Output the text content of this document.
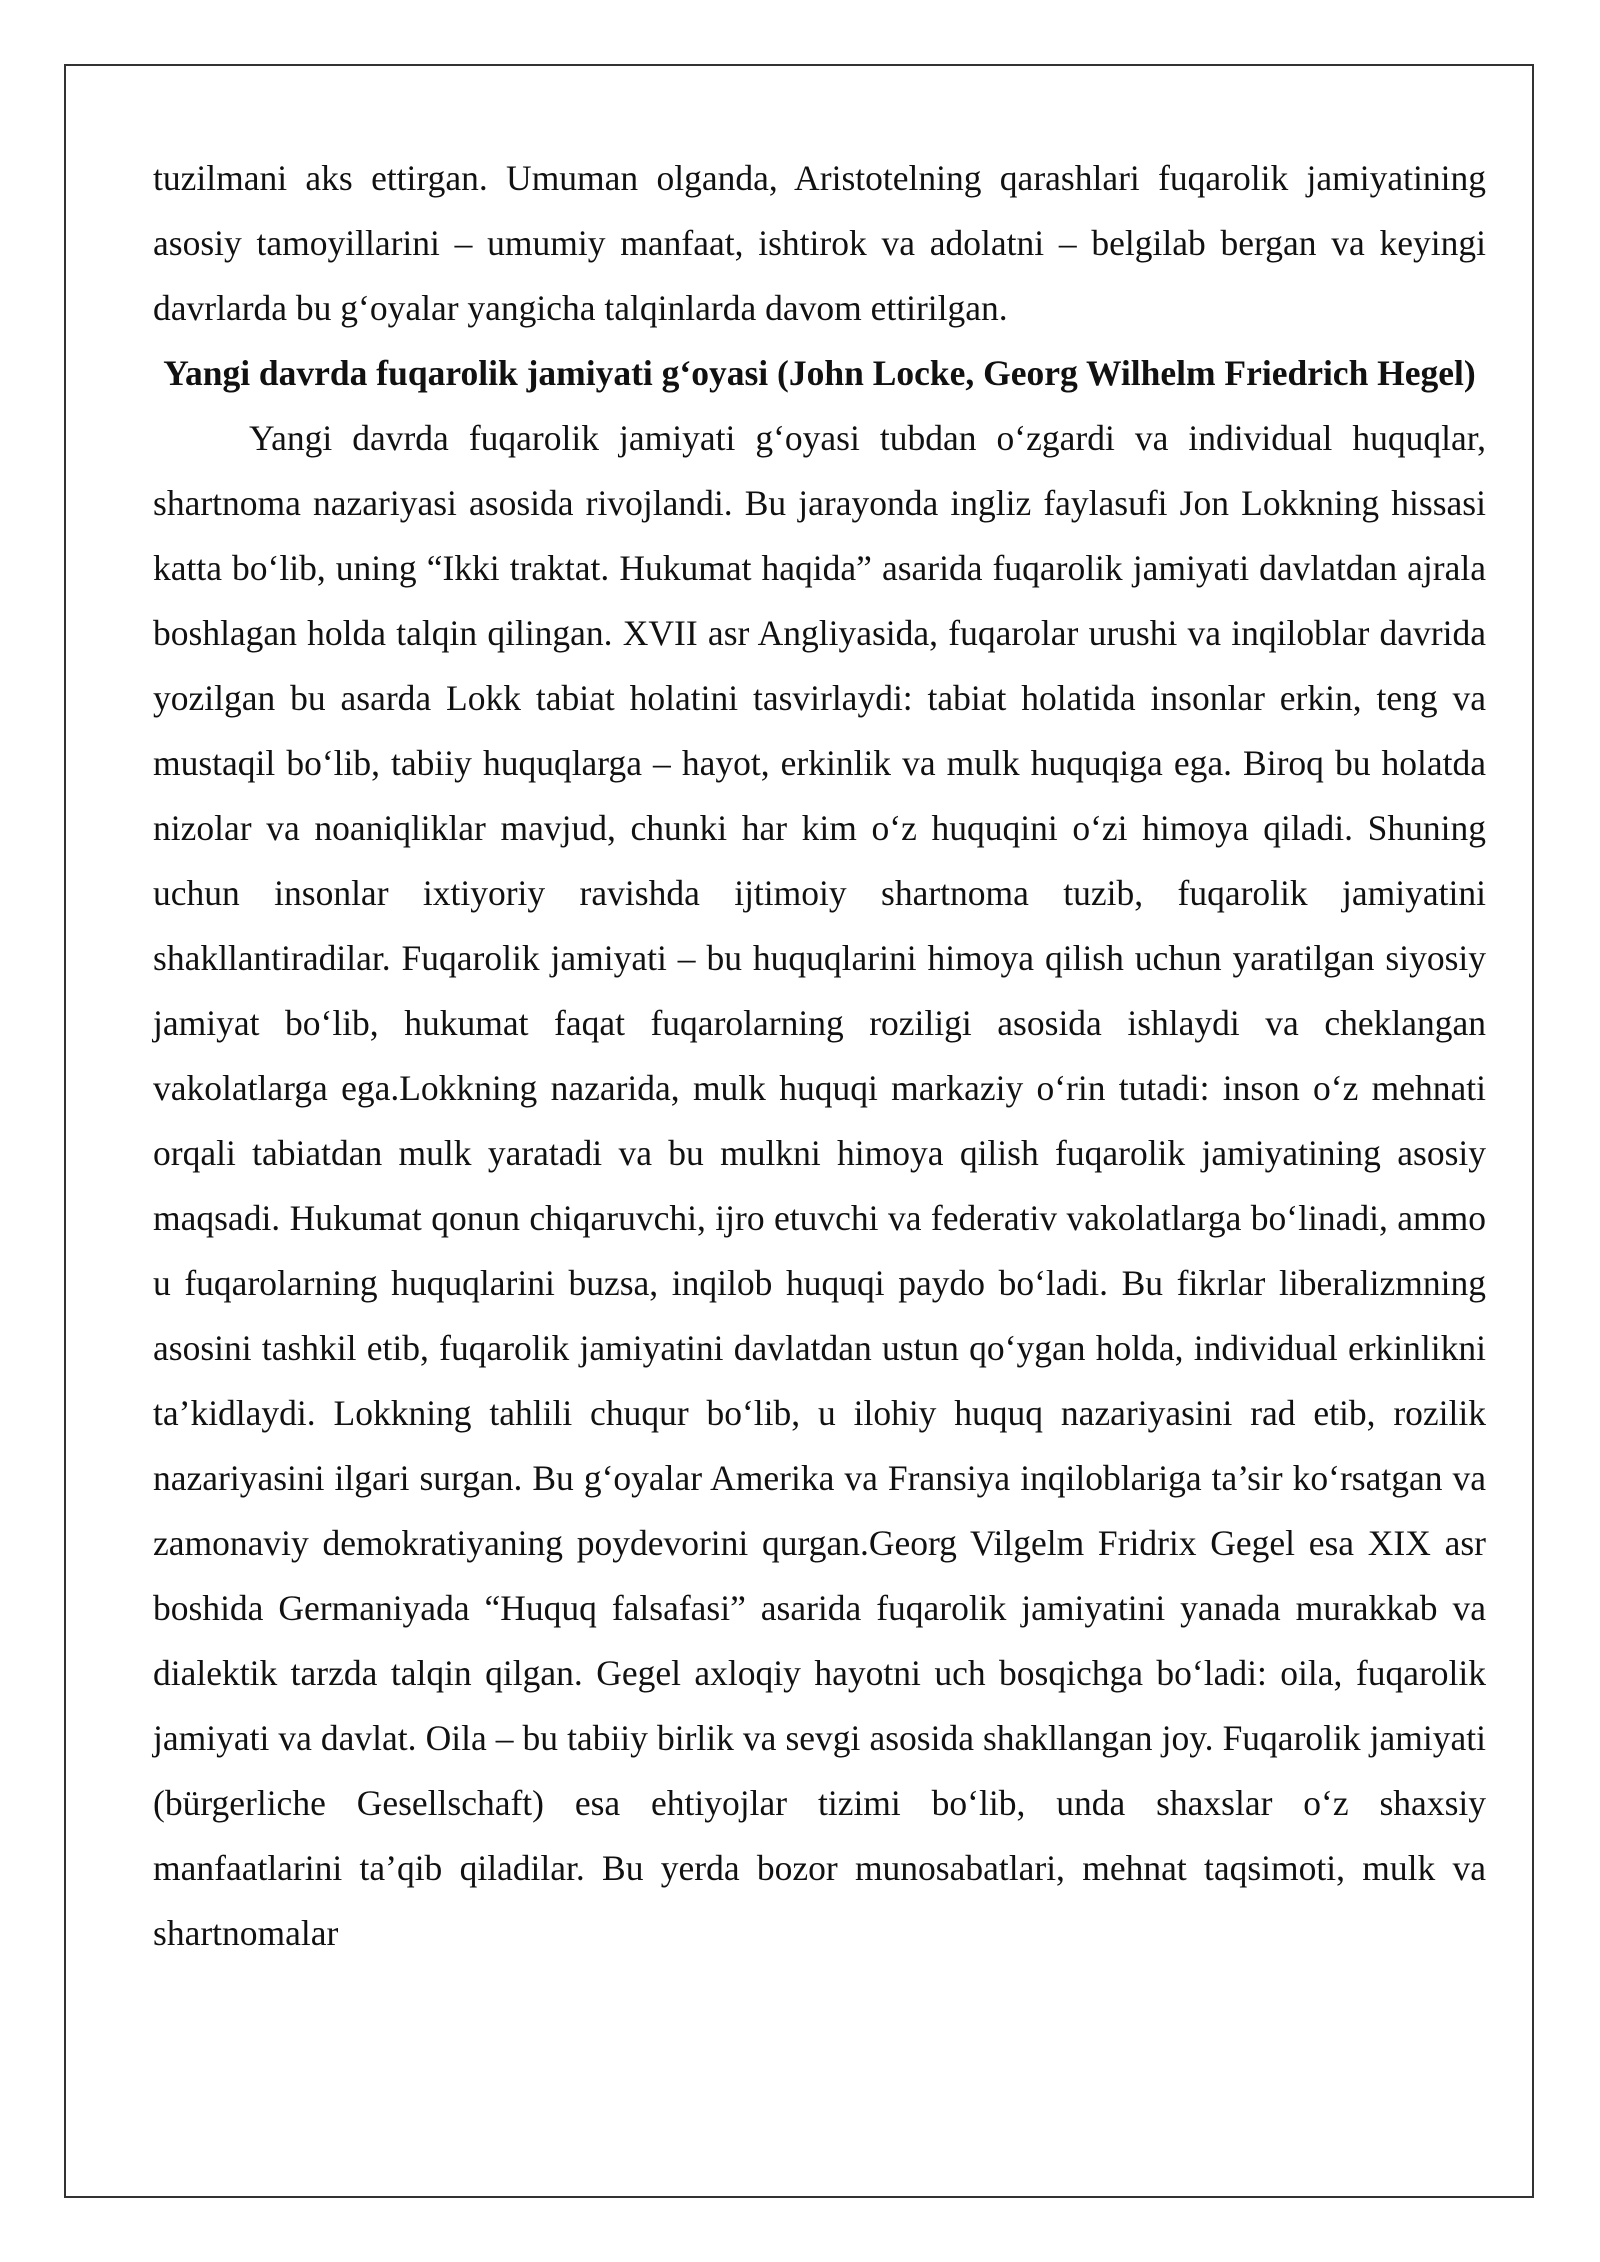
tuzilmani aks ettirgan. Umuman olganda, Aristotelning qarashlari fuqarolik jamiyatining asosiy tamoyillarini – umumiy manfaat, ishtirok va adolatni – belgilab bergan va keyingi davrlarda bu g‘oyalar yangicha talqinlarda davom ettirilgan.

Yangi davrda fuqarolik jamiyati g‘oyasi (John Locke, Georg Wilhelm Friedrich Hegel)

Yangi davrda fuqarolik jamiyati g‘oyasi tubdan o‘zgardi va individual huquqlar, shartnoma nazariyasi asosida rivojlandi. Bu jarayonda ingliz faylasufi Jon Lokkning hissasi katta bo‘lib, uning “Ikki traktat. Hukumat haqida” asarida fuqarolik jamiyati davlatdan ajrala boshlagan holda talqin qilingan. XVII asr Angliyasida, fuqarolar urushi va inqiloblar davrida yozilgan bu asarda Lokk tabiat holatini tasvirlaydi: tabiat holatida insonlar erkin, teng va mustaqil bo‘lib, tabiiy huquqlarga – hayot, erkinlik va mulk huquqiga ega. Biroq bu holatda nizolar va noaniqliklar mavjud, chunki har kim o‘z huquqini o‘zi himoya qiladi. Shuning uchun insonlar ixtiyoriy ravishda ijtimoiy shartnoma tuzib, fuqarolik jamiyatini shakllantiradilar. Fuqarolik jamiyati – bu huquqlarini himoya qilish uchun yaratilgan siyosiy jamiyat bo‘lib, hukumat faqat fuqarolarning roziligi asosida ishlaydi va cheklangan vakolatlarga ega.Lokkning nazarida, mulk huquqi markaziy o‘rin tutadi: inson o‘z mehnati orqali tabiatdan mulk yaratadi va bu mulkni himoya qilish fuqarolik jamiyatining asosiy maqsadi. Hukumat qonun chiqaruvchi, ijro etuvchi va federativ vakolatlarga bo‘linadi, ammo u fuqarolarning huquqlarini buzsa, inqilob huquqi paydo bo‘ladi. Bu fikrlar liberalizmning asosini tashkil etib, fuqarolik jamiyatini davlatdan ustun qo‘ygan holda, individual erkinlikni ta’kidlaydi. Lokkning tahlili chuqur bo‘lib, u ilohiy huquq nazariyasini rad etib, rozilik nazariyasini ilgari surgan. Bu g‘oyalar Amerika va Fransiya inqiloblariga ta’sir ko‘rsatgan va zamonaviy demokratiyaning poydevorini qurgan.Georg Vilgelm Fridrix Gegel esa XIX asr boshida Germaniyada “Huquq falsafasi” asarida fuqarolik jamiyatini yanada murakkab va dialektik tarzda talqin qilgan. Gegel axloqiy hayotni uch bosqichga bo‘ladi: oila, fuqarolik jamiyati va davlat. Oila – bu tabiiy birlik va sevgi asosida shakllangan joy. Fuqarolik jamiyati (bürgerliche Gesellschaft) esa ehtiyojlar tizimi bo‘lib, unda shaxslar o‘z shaxsiy manfaatlarini ta’qib qiladilar. Bu yerda bozor munosabatlari, mehnat taqsimoti, mulk va shartnomalar
